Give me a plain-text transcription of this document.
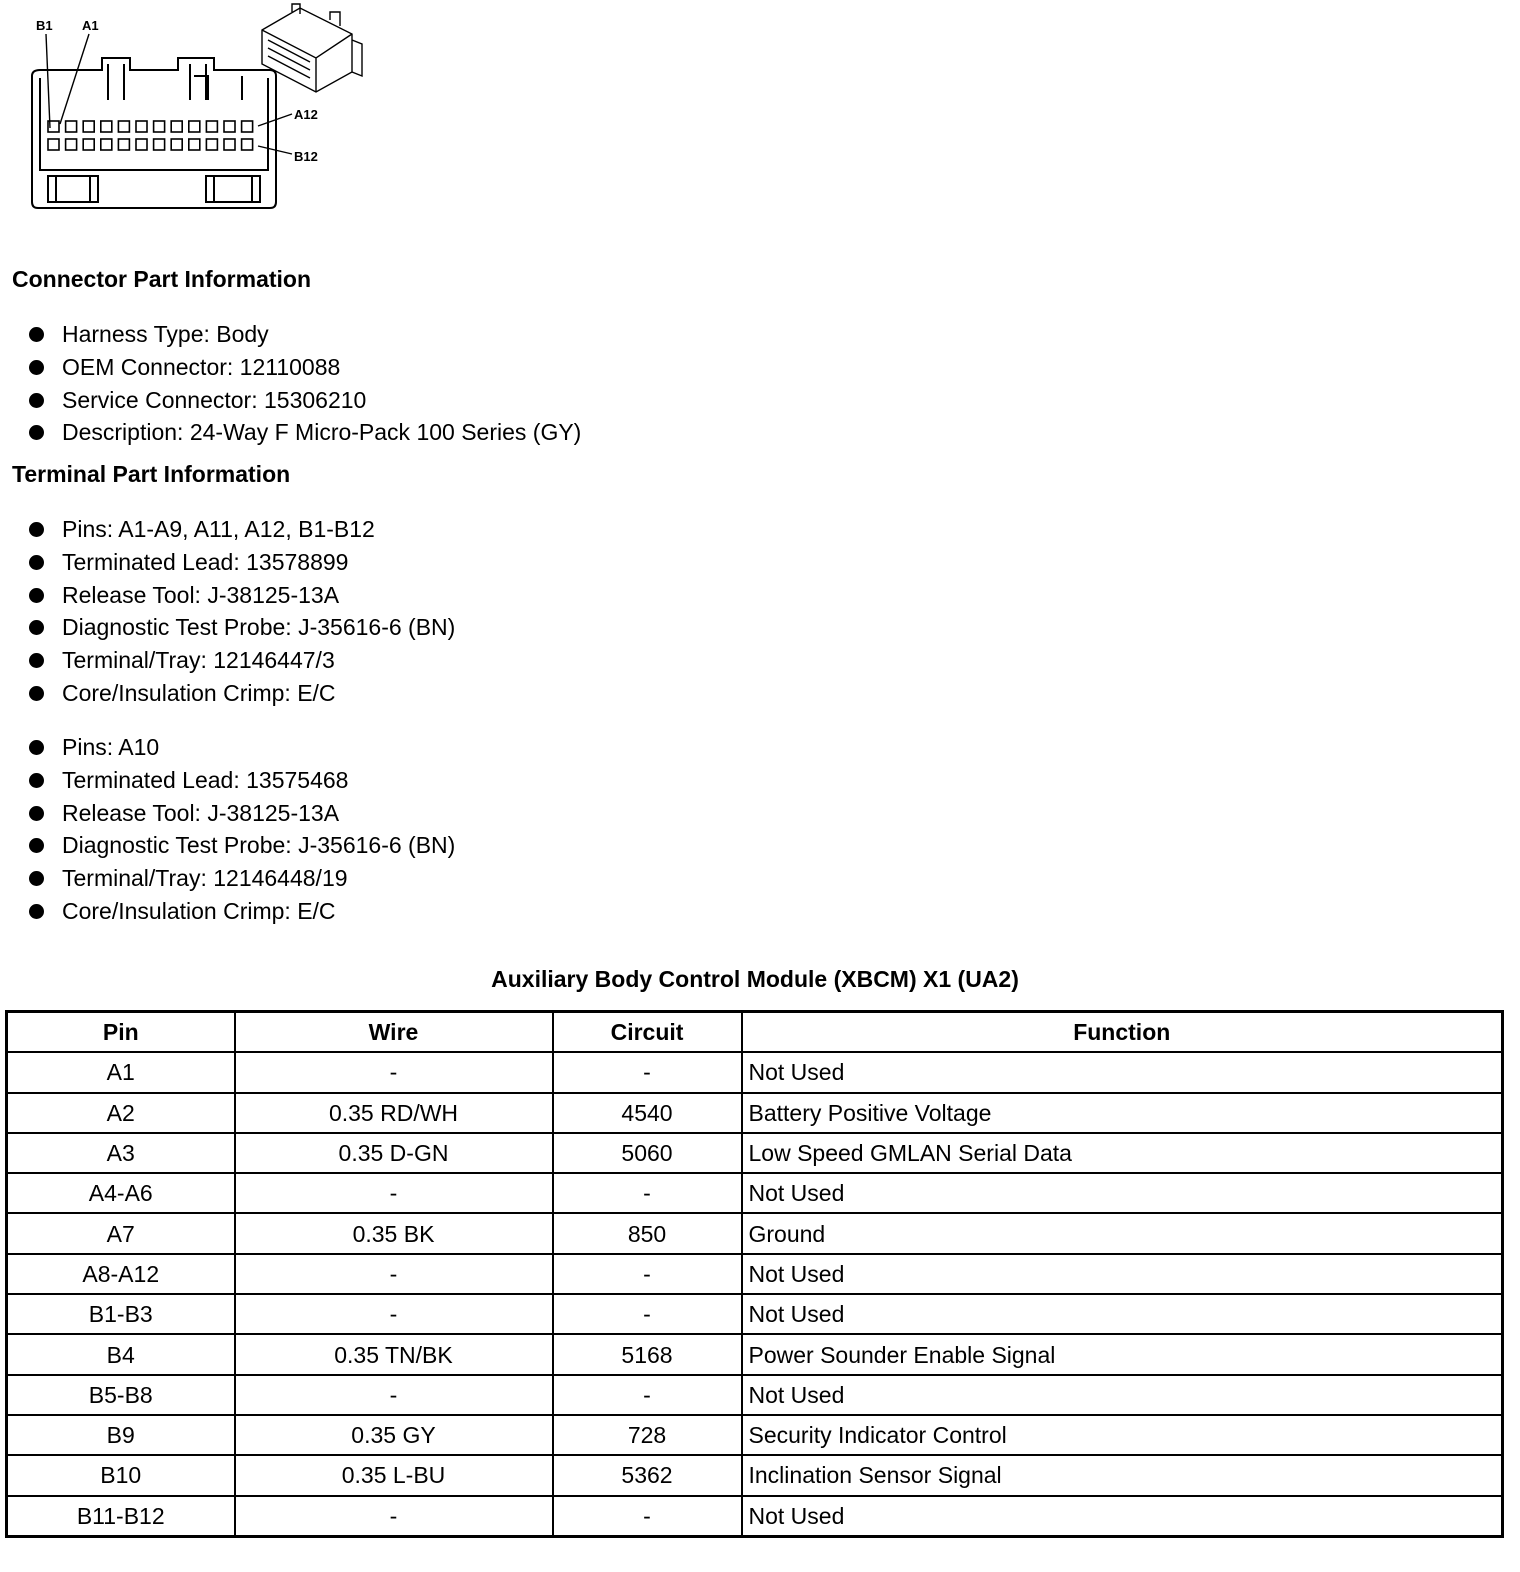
B1 A1
A12
B12
Connector Part Information
Harness Type: Body
OEM Connector: 12110088
Service Connector: 15306210
Description: 24-Way F Micro-Pack 100 Series (GY)
Terminal Part Information
Pins: A1-A9, A11, A12, B1-B12
Terminated Lead: 13578899
Release Tool: J-38125-13A
Diagnostic Test Probe: J-35616-6 (BN)
Terminal/Tray: 12146447/3
Core/Insulation Crimp: E/C
Pins: A10
Terminated Lead: 13575468
Release Tool: J-38125-13A
Diagnostic Test Probe: J-35616-6 (BN)
Terminal/Tray: 12146448/19
Core/Insulation Crimp: E/C
Auxiliary Body Control Module (XBCM) X1 (UA2)
Pin	Wire	Circuit	Function
A1	-	-	Not Used
A2	0.35 RD/WH	4540	Battery Positive Voltage
A3	0.35 D-GN	5060	Low Speed GMLAN Serial Data
A4-A6	-	-	Not Used
A7	0.35 BK	850	Ground
A8-A12	-	-	Not Used
B1-B3	-	-	Not Used
B4	0.35 TN/BK	5168	Power Sounder Enable Signal
B5-B8	-	-	Not Used
B9	0.35 GY	728	Security Indicator Control
B10	0.35 L-BU	5362	Inclination Sensor Signal
B11-B12	-	-	Not Used
